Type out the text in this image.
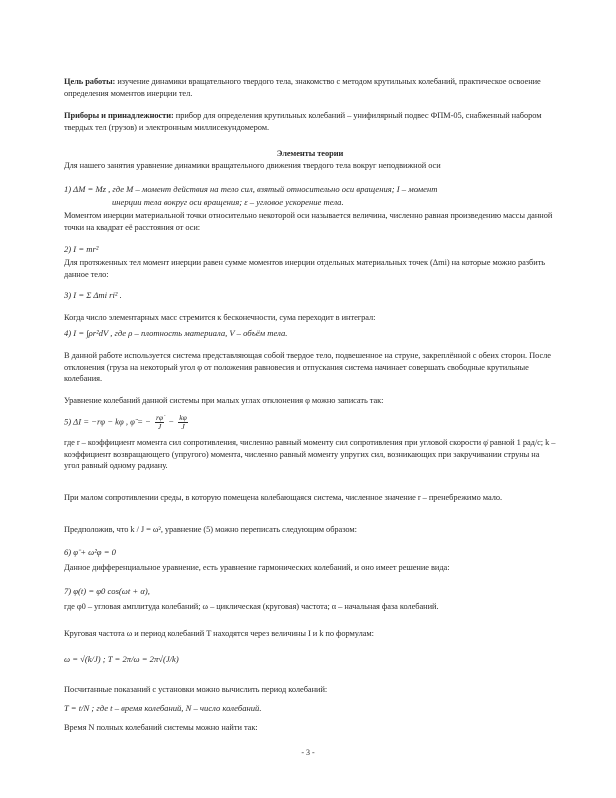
Цель работы: изучение динамики вращательного твердого тела, знакомство с методом крутильных колебаний, практическое освоение определения моментов инерции тел.

Приборы и принадлежности: прибор для определения крутильных колебаний – унифилярный подвес ФПМ-05, снабженный набором твердых тел (грузов) и электронным миллисекундомером.

Элементы теории

Для нашего занятия уравнение динамики вращательного движения твердого тела вокруг неподвижной оси

1) ΔM = Mz , где M – момент действия на тело сил, взятый относительно оси вращения; I – момент

инерции тела вокруг оси вращения; ε – угловое ускорение тела.

Моментом инерции материальной точки относительно некоторой оси называется величина, численно равная произведению массы данной точки на квадрат её расстояния от оси:

2) I = mr²

Для протяженных тел момент инерции равен сумме моментов инерции отдельных материальных точек (Δmi) на которые можно разбить данное тело:

3) I = Σ Δmi ri² .

Когда число элементарных масс стремится к бесконечности, сума переходит в интеграл:

4) I = ∫ρr²dV , где ρ – плотность материала, V – объём тела.

В данной работе используется система представляющая собой твердое тело, подвешенное на струне, закреплённой с обеих сторон. После отклонения (груза на некоторый угол φ от положения равновесия и отпускания система начинает совершать свободные крутильные колебания.

Уравнение колебаний данной системы при малых углах отклонения φ можно записать так:

5) ΔI = −rφ − kφ , φ̈ = − $\frac{r\varphi̇}{J} - \frac{k\varphi}{J}$

где r – коэффициент момента сил сопротивления, численно равный моменту сил сопротивления при угловой скорости φ̇ равной 1 рад/с; k – коэффициент возвращающего (упругого) момента, численно равный моменту упругих сил, возникающих при закручивании струны на угол равный одному радиану.

При малом сопротивлении среды, в которую помещена колебающаяся система, численное значение r – пренебрежимо мало.

Предположив, что k / J = ω², уравнение (5) можно переписать следующим образом:

6) φ̈ + ω²φ = 0

Данное дифференциальное уравнение, есть уравнение гармонических колебаний, и оно имеет решение вида:

7) φ(t) = φ0 cos(ωt + α),

где φ0 – угловая амплитуда колебаний; ω – циклическая (круговая) частота; α – начальная фаза колебаний.

Круговая частота ω и период колебаний T находятся через величины I и k по формулам:

ω = √(k/J) ; T = 2π/ω = 2π√(J/k)

Посчитанные показаний с установки можно вычислить период колебаний:

T = t/N ; где t – время колебаний, N – число колебаний.

Время N полных колебаний системы можно найти так:

- 3 -
